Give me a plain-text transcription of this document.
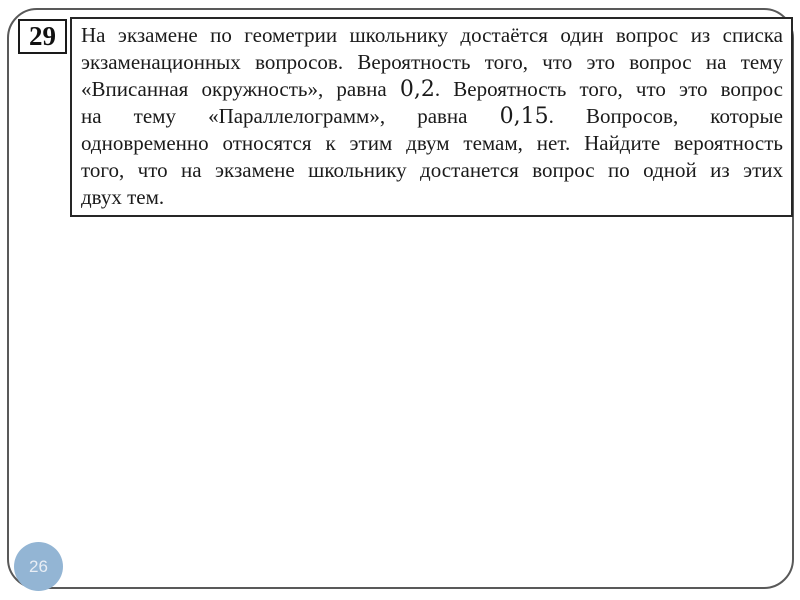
29 На экзамене по геометрии школьнику достаётся один вопрос из списка
экзаменационных вопросов. Вероятность того, что это вопрос на тему
«Вписанная окружность», равна 0,2. Вероятность того, что это вопрос
на тему «Параллелограмм», равна 0,15. Вопросов, которые
одновременно относятся к этим двум темам, нет. Найдите вероятность
того, что на экзамене школьнику достанется вопрос по одной из этих
двух тем.
26
